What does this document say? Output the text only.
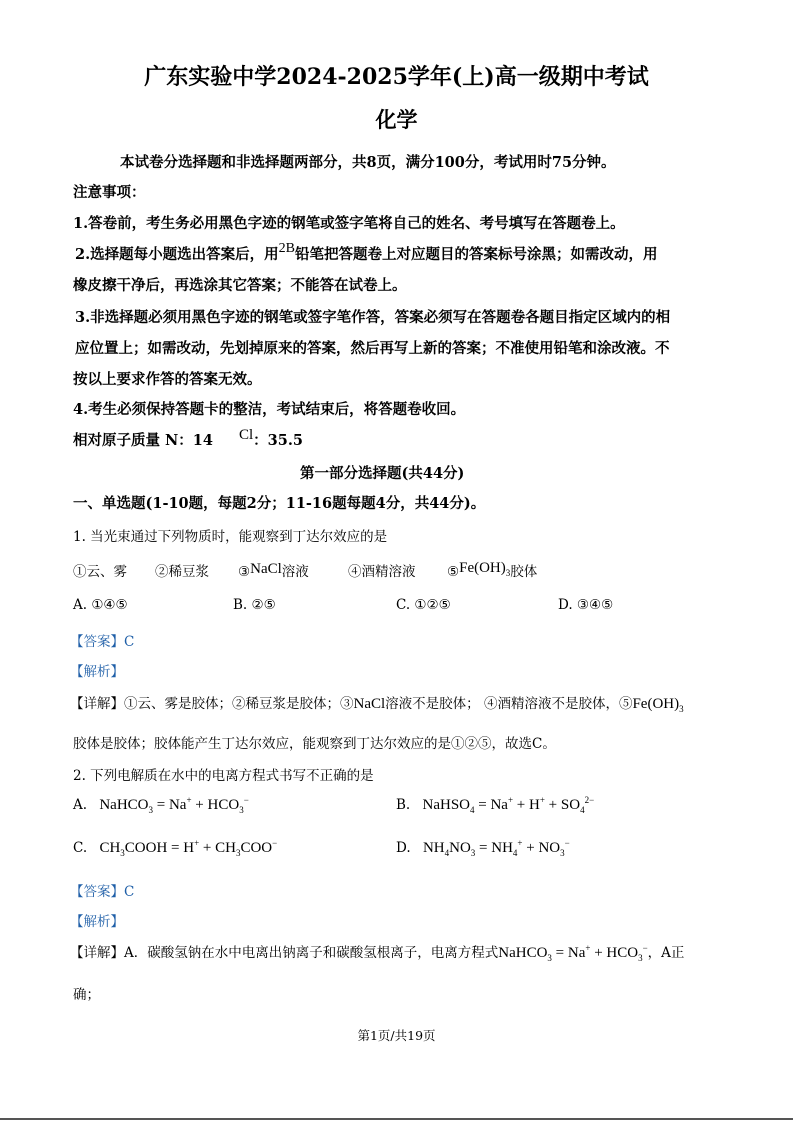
广东实验中学2024-2025学年(上)高一级期中考试
化学
本试卷分选择题和非选择题两部分，共8页，满分100分，考试用时75分钟。
注意事项：
1.答卷前，考生务必用黑色字迹的钢笔或签字笔将自己的姓名、考号填写在答题卷上。
2.选择题每小题选出答案后，用2B铅笔把答题卷上对应题目的答案标号涂黑；如需改动，用
橡皮擦干净后，再选涂其它答案；不能答在试卷上。
3.非选择题必须用黑色字迹的钢笔或签字笔作答，答案必须写在答题卷各题目指定区域内的相
应位置上；如需改动，先划掉原来的答案，然后再写上新的答案；不准使用铅笔和涂改液。不
按以上要求作答的答案无效。
4.考生必须保持答题卡的整洁，考试结束后，将答题卷收回。
相对原子质量 N：14 Cl：35.5
第一部分选择题(共44分)
一、单选题(1-10题，每题2分；11-16题每题4分，共44分)。
1. 当光束通过下列物质时，能观察到丁达尔效应的是
①云、雾 ②稀豆浆 ③NaCl溶液	④酒精溶液 $⑤Fe(OH)_3$胶体
A. ①④⑤	B. ②⑤	C. ①②⑤	D. ③④⑤
【答案】C
【解析】
【详解】①云、雾是胶体；②稀豆浆是胶体；③NaCl溶液不是胶体； ④酒精溶液不是胶体，$⑤Fe(OH)_3$
胶体是胶体；胶体能产生丁达尔效应，能观察到丁达尔效应的是①②⑤，故选C。
2. 下列电解质在水中的电离方程式书写不正确的是
A. NaHCO$_3$ = $Na^+ + HCO_3^-$	B. NaHSO$_4$ = $Na^+ + H^+ + SO_4^{2-}$
C. $CH_3COOH = H^+ + CH_3COO^-$	D. $NH_4NO_3 = NH_4^+ + NO_3^-$
【答案】C
【解析】
【详解】A．碳酸氢钠在水中电离出钠离子和碳酸氢根离子，电离方程式NaHCO$_3$ = $Na^+ + HCO_3^-$，A正
确；
第1页/共19页
